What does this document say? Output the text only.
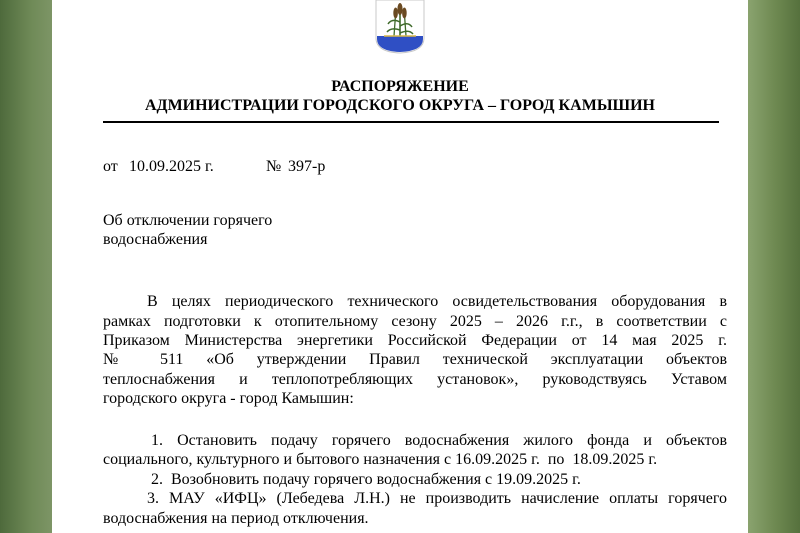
РАСПОРЯЖЕНИЕ
АДМИНИСТРАЦИИ ГОРОДСКОГО ОКРУГА – ГОРОД КАМЫШИН
от 10.09.2025 г.	№ 397-р
Об отключении горячего
водоснабжения
В целях периодического технического освидетельствования оборудования в
рамках подготовки к отопительному сезону 2025 – 2026 г.г., в соответствии с
Приказом Министерства энергетики Российской Федерации от 14 мая 2025 г.
№ 511 «Об утверждении Правил технической эксплуатации объектов
теплоснабжения и теплопотребляющих установок», руководствуясь Уставом
городского округа - город Камышин:
1. Остановить подачу горячего водоснабжения жилого фонда и объектов
социального, культурного и бытового назначения с 16.09.2025 г.  по  18.09.2025 г.
2.  Возобновить подачу горячего водоснабжения с 19.09.2025 г.
3. МАУ «ИФЦ» (Лебедева Л.Н.) не производить начисление оплаты горячего
водоснабжения на период отключения.
